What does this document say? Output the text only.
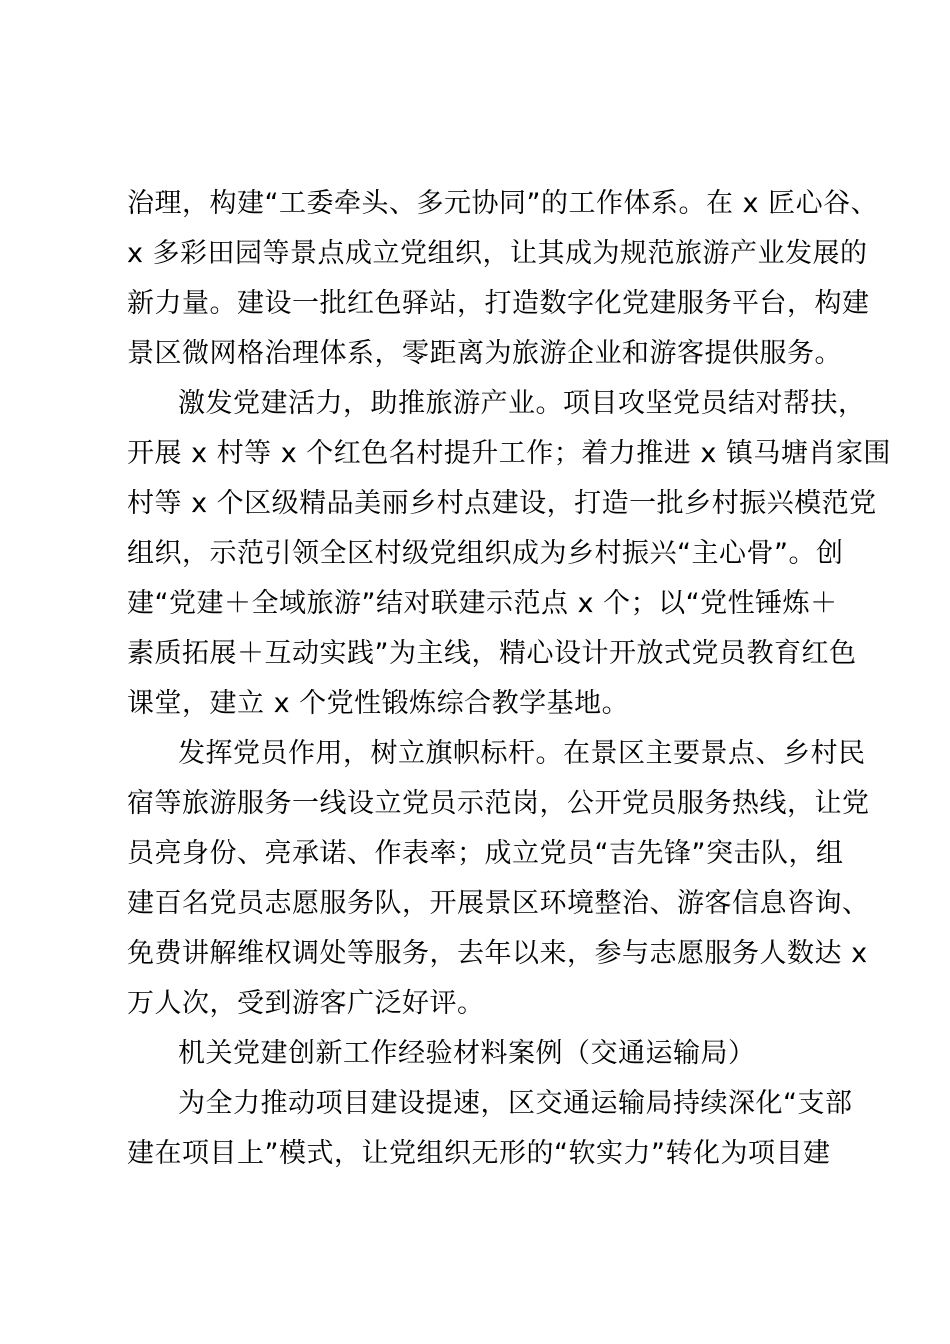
治理，构建“工委牵头、多元协同”的工作体系。在 x 匠心谷、
x 多彩田园等景点成立党组织，让其成为规范旅游产业发展的
新力量。建设一批红色驿站，打造数字化党建服务平台，构建
景区微网格治理体系，零距离为旅游企业和游客提供服务。
激发党建活力，助推旅游产业。项目攻坚党员结对帮扶，
开展 x 村等 x 个红色名村提升工作；着力推进 x 镇马塘肖家围
村等 x 个区级精品美丽乡村点建设，打造一批乡村振兴模范党
组织，示范引领全区村级党组织成为乡村振兴“主心骨”。创
建“党建＋全域旅游”结对联建示范点 x 个；以“党性锤炼＋
素质拓展＋互动实践”为主线，精心设计开放式党员教育红色
课堂，建立 x 个党性锻炼综合教学基地。
发挥党员作用，树立旗帜标杆。在景区主要景点、乡村民
宿等旅游服务一线设立党员示范岗，公开党员服务热线，让党
员亮身份、亮承诺、作表率；成立党员“吉先锋”突击队，组
建百名党员志愿服务队，开展景区环境整治、游客信息咨询、
免费讲解维权调处等服务，去年以来，参与志愿服务人数达 x
万人次，受到游客广泛好评。
机关党建创新工作经验材料案例（交通运输局）
为全力推动项目建设提速，区交通运输局持续深化“支部
建在项目上”模式，让党组织无形的“软实力”转化为项目建
